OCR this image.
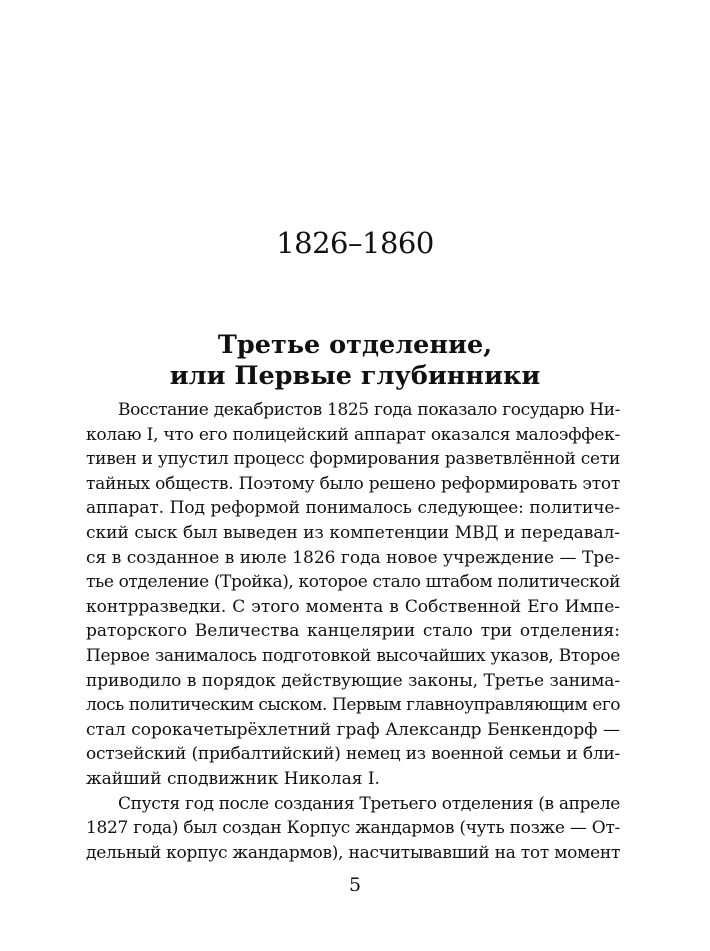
1826–1860
Третье отделение,
или Первые глубинники
Восстание декабристов 1825 года показало государю Ни-
колаю I, что его полицейский аппарат оказался малоэффек-
тивен и упустил процесс формирования разветвлённой сети
тайных обществ. Поэтому было решено реформировать этот
аппарат. Под реформой понималось следующее: политиче-
ский сыск был выведен из компетенции МВД и передавал-
ся в созданное в июле 1826 года новое учреждение — Тре-
тье отделение (Тройка), которое стало штабом политической
контрразведки. С этого момента в Собственной Его Импе-
раторского Величества канцелярии стало три отделения:
Первое занималось подготовкой высочайших указов, Второе
приводило в порядок действующие законы, Третье занима-
лось политическим сыском. Первым главноуправляющим его
стал сорокачетырёхлетний граф Александр Бенкендорф —
остзейский (прибалтийский) немец из военной семьи и бли-
жайший сподвижник Николая I.
Спустя год после создания Третьего отделения (в апреле
1827 года) был создан Корпус жандармов (чуть позже — От-
дельный корпус жандармов), насчитывавший на тот момент
5
